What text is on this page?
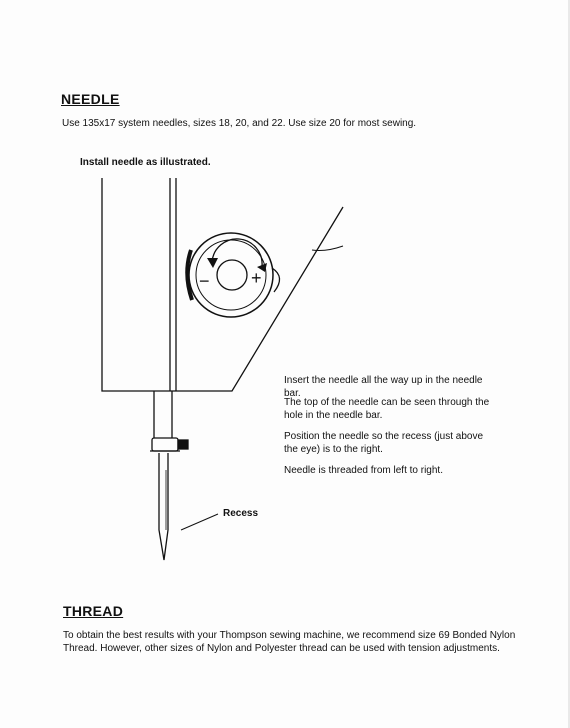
NEEDLE
Use 135x17 system needles, sizes 18, 20, and 22. Use size 20 for most sewing.
Install needle as illustrated.
− +
Recess
Insert the needle all the way up in the needle bar.
The top of the needle can be seen through the hole in the needle bar.
Position the needle so the recess (just above the eye) is to the right.
Needle is threaded from left to right.
THREAD
To obtain the best results with your Thompson sewing machine, we recommend size 69 Bonded Nylon Thread. However, other sizes of Nylon and Polyester thread can be used with tension adjustments.
